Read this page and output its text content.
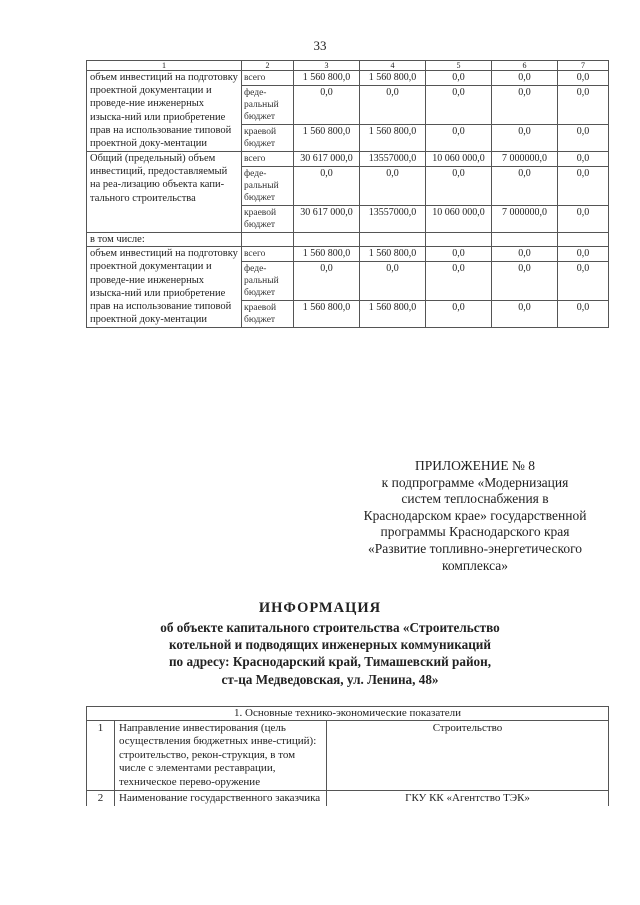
33
1	2	3	4	5	6	7
объем инвестиций на подготовку проектной документации и проведе-ние инженерных изыска-ний или приобретение прав на использование типовой проектной доку-ментации	всего	1 560 800,0	1 560 800,0	0,0	0,0	0,0
	феде-ральный бюджет	0,0	0,0	0,0	0,0	0,0
	краевой бюджет	1 560 800,0	1 560 800,0	0,0	0,0	0,0
Общий (предельный) объем инвестиций, предоставляемый на реа-лизацию объекта капи-тального строительства	всего	30 617 000,0	13557000,0	10 060 000,0	7 000000,0	0,0
	феде-ральный бюджет	0,0	0,0	0,0	0,0	0,0
	краевой бюджет	30 617 000,0	13557000,0	10 060 000,0	7 000000,0	0,0
в том числе:						
объем инвестиций на подготовку проектной документации и проведе-ние инженерных изыска-ний или приобретение прав на использование типовой проектной доку-ментации	всего	1 560 800,0	1 560 800,0	0,0	0,0	0,0
	феде-ральный бюджет	0,0	0,0	0,0	0,0	0,0
	краевой бюджет	1 560 800,0	1 560 800,0	0,0	0,0	0,0
ПРИЛОЖЕНИЕ № 8
к подпрограмме «Модернизация
систем теплоснабжения в
Краснодарском крае» государственной
программы Краснодарского края
«Развитие топливно-энергетического
комплекса»
ИНФОРМАЦИЯ
об объекте капитального строительства «Строительство
котельной и подводящих инженерных коммуникаций
по адресу: Краснодарский край, Тимашевский район,
ст-ца Медведовская, ул. Ленина, 48»
1. Основные технико-экономические показатели		
1	Направление инвестирования (цель осуществления бюджетных инве-стиций): строительство, рекон-струкция, в том числе с элементами реставрации, техническое перево-оружение	Строительство
2	Наименование государственного заказчика	ГКУ КК «Агентство ТЭК»
